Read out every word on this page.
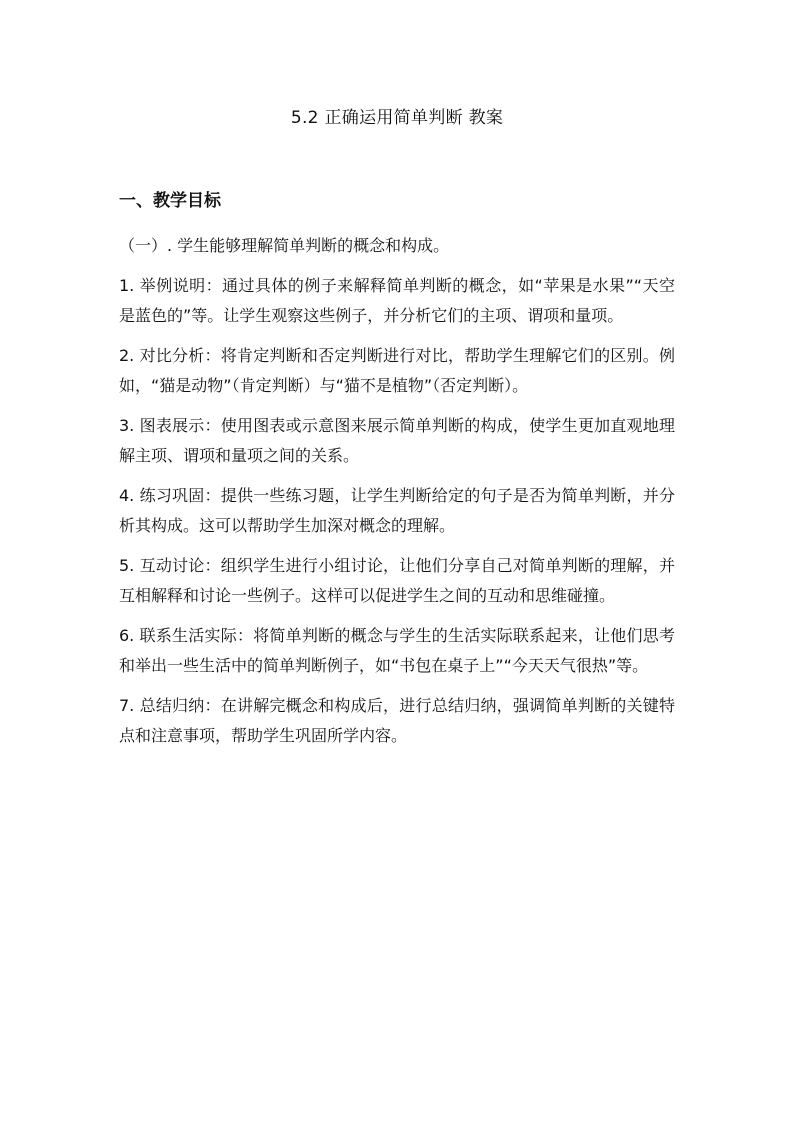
5.2 正确运用简单判断 教案
一、教学目标

（一）. 学生能够理解简单判断的概念和构成。

1. 举例说明：通过具体的例子来解释简单判断的概念，如“苹果是水果”“天空是蓝色的”等。让学生观察这些例子，并分析它们的主项、谓项和量项。

2. 对比分析：将肯定判断和否定判断进行对比，帮助学生理解它们的区别。例如，“猫是动物”（肯定判断）与“猫不是植物”（否定判断）。

3. 图表展示：使用图表或示意图来展示简单判断的构成，使学生更加直观地理解主项、谓项和量项之间的关系。

4. 练习巩固：提供一些练习题，让学生判断给定的句子是否为简单判断，并分析其构成。这可以帮助学生加深对概念的理解。

5. 互动讨论：组织学生进行小组讨论，让他们分享自己对简单判断的理解，并互相解释和讨论一些例子。这样可以促进学生之间的互动和思维碰撞。

6. 联系生活实际：将简单判断的概念与学生的生活实际联系起来，让他们思考和举出一些生活中的简单判断例子，如“书包在桌子上”“今天天气很热”等。

7. 总结归纳：在讲解完概念和构成后，进行总结归纳，强调简单判断的关键特点和注意事项，帮助学生巩固所学内容。
